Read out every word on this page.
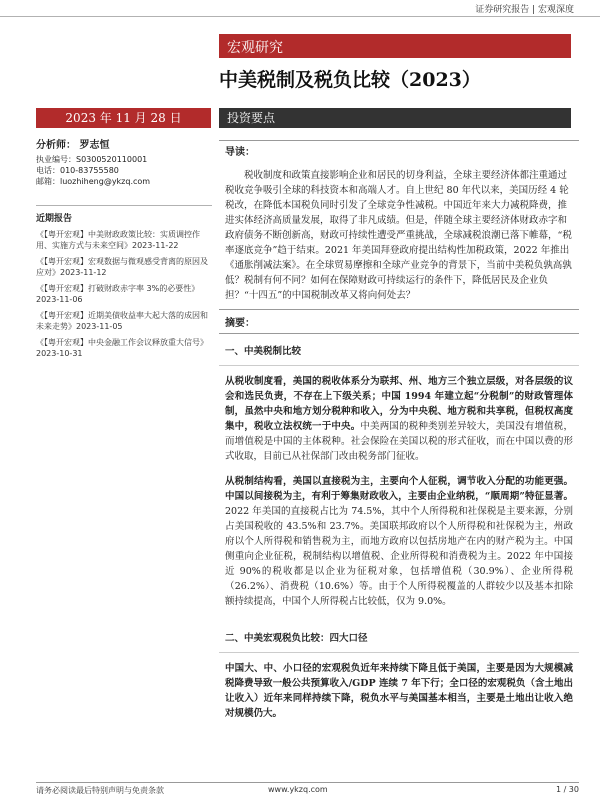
证券研究报告 | 宏观深度
宏观研究
中美税制及税负比较（2023）
2023 年 11 月 28 日	投资要点
分析师： 罗志恒
执业编号：S0300520110001
电话：010-83755580
邮箱：luozhiheng@ykzq.com
近期报告
《【粤开宏观】中美财政政策比较：实质调控作用、实施方式与未来空间》2023-11-22
《【粤开宏观】宏观数据与微观感受背离的原因及应对》2023-11-12
《【粤开宏观】打破财政赤字率 3%的必要性》
2023-11-06
《【粤开宏观】近期美债收益率大起大落的成因和未来走势》2023-11-05
《【粤开宏观】中央金融工作会议释放重大信号》2023-10-31
导读：
税收制度和政策直接影响企业和居民的切身利益，全球主要经济体都注重通过税收竞争吸引全球的科技资本和高端人才。自上世纪 80 年代以来，美国历经 4 轮税改，在降低本国税负同时引发了全球竞争性减税。中国近年来大力减税降费，推进实体经济高质量发展，取得了非凡成绩。但是，伴随全球主要经济体财政赤字和政府债务不断创新高，财政可持续性遭受严重挑战，全球减税浪潮已落下帷幕，“税率逐底竞争”趋于结束。2021 年美国拜登政府提出结构性加税政策，2022 年推出《通胀削减法案》。在全球贸易摩擦和全球产业竞争的背景下，当前中美税负孰高孰低？税制有何不同？如何在保障财政可持续运行的条件下，降低居民及企业负担？“十四五”的中国税制改革又将向何处去？
摘要：
一、中美税制比较
从税收制度看，美国的税收体系分为联邦、州、地方三个独立层级，对各层级的议会和选民负责，不存在上下级关系；中国 1994 年建立起“分税制”的财政管理体制，虽然中央和地方划分税种和收入，分为中央税、地方税和共享税，但税权高度集中，税收立法权统一于中央。中美两国的税种类别差异较大，美国没有增值税，而增值税是中国的主体税种。社会保险在美国以税的形式征收，而在中国以费的形式收取，目前已从社保部门改由税务部门征收。
从税制结构看，美国以直接税为主，主要向个人征税，调节收入分配的功能更强。中国以间接税为主，有利于筹集财政收入，主要由企业纳税，“顺周期”特征显著。2022 年美国的直接税占比为 74.5%，其中个人所得税和社保税是主要来源，分别占美国税收的 43.5%和 23.7%。美国联邦政府以个人所得税和社保税为主，州政府以个人所得税和销售税为主，而地方政府以包括房地产在内的财产税为主。中国侧重向企业征税，税制结构以增值税、企业所得税和消费税为主。2022 年中国接近 90%的税收都是以企业为征税对象，包括增值税（30.9%）、企业所得税（26.2%）、消费税（10.6%）等。由于个人所得税覆盖的人群较少以及基本扣除额持续提高，中国个人所得税占比较低，仅为 9.0%。
二、中美宏观税负比较：四大口径
中国大、中、小口径的宏观税负近年来持续下降且低于美国，主要是因为大规模减税降费导致一般公共预算收入/GDP 连续 7 年下行；全口径的宏观税负（含土地出让收入）近年来同样持续下降，税负水平与美国基本相当，主要是土地出让收入绝对规模仍大。
请务必阅读最后特别声明与免责条款	www.ykzq.com	1 / 30
